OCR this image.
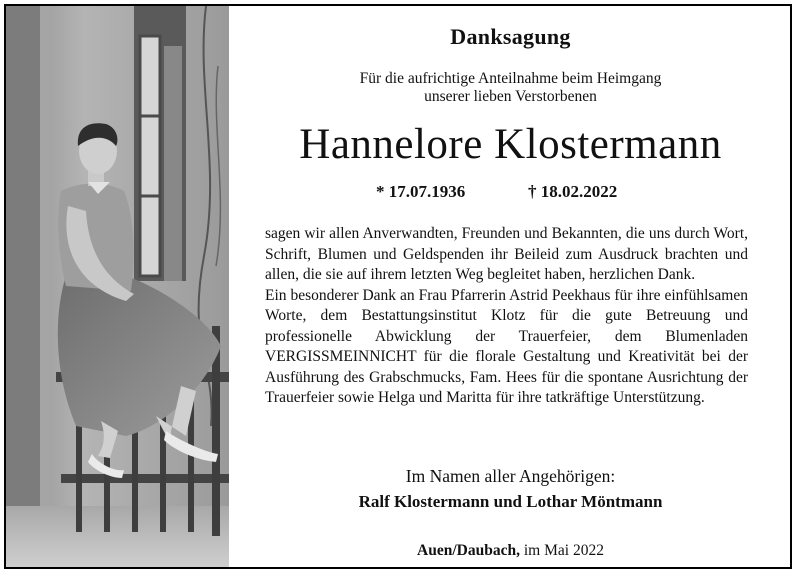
Danksagung
Für die aufrichtige Anteilnahme beim Heimgang
unserer lieben Verstorbenen
Hannelore Klostermann
* 17.07.1936	† 18.02.2022

sagen wir allen Anverwandten, Freunden und Bekannten, die uns durch Wort, Schrift, Blumen und Geldspenden ihr Beileid zum Ausdruck brachten und allen, die sie auf ihrem letzten Weg begleitet haben, herzlichen Dank.

Ein besonderer Dank an Frau Pfarrerin Astrid Peekhaus für ihre einfühlsamen Worte, dem Bestattungsinstitut Klotz für die gute Betreuung und professionelle Abwicklung der Trauerfeier, dem Blumenladen VERGISSMEINNICHT für die florale Gestaltung und Kreativität bei der Ausführung des Grabschmucks, Fam. Hees für die spontane Ausrichtung der Trauerfeier sowie Helga und Maritta für ihre tatkräftige Unterstützung.

Im Namen aller Angehörigen:
Ralf Klostermann und Lothar Möntmann
Auen/Daubach, im Mai 2022
